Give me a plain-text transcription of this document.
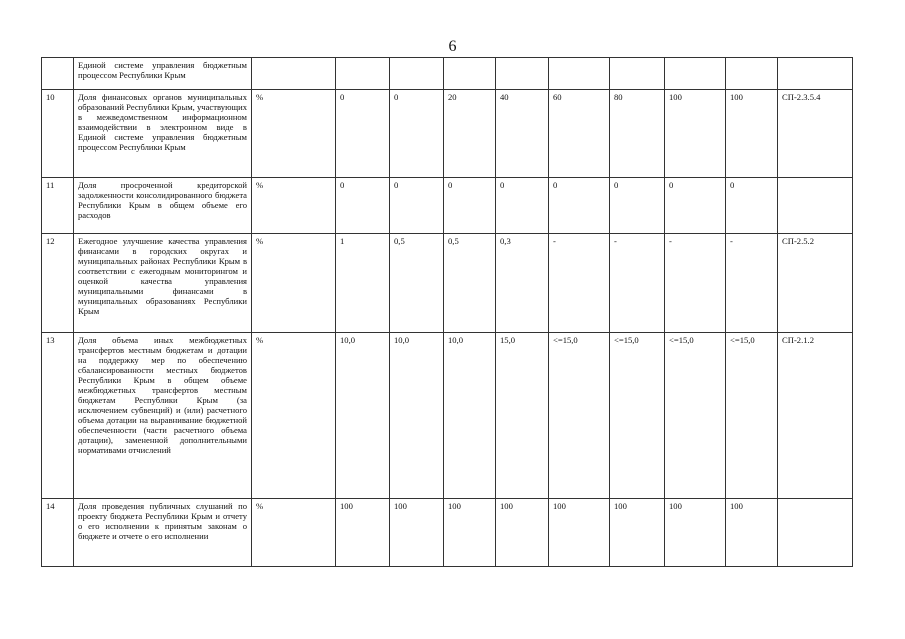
6
	Единой системе управления бюджетным процессом Республики Крым										
10	Доля финансовых органов муниципальных образований Республики Крым, участвующих в межведомственном информационном взаимодействии в электронном виде в Единой системе управления бюджетным процессом Республики Крым	%	0	0	20	40	60	80	100	100	СП-2.3.5.4
11	Доля просроченной кредиторской задолженности консолидированного бюджета Республики Крым в общем объеме его расходов	%	0	0	0	0	0	0	0	0	
12	Ежегодное улучшение качества управления финансами в городских округах и муниципальных районах Республики Крым в соответствии с ежегодным мониторингом и оценкой качества управления муниципальными финансами в муниципальных образованиях Республики Крым	%	1	0,5	0,5	0,3	-	-	-	-	СП-2.5.2
13	Доля объема иных межбюджетных трансфертов местным бюджетам и дотации на поддержку мер по обеспечению сбалансированности местных бюджетов Республики Крым в общем объеме межбюджетных трансфертов местным бюджетам Республики Крым (за исключением субвенций) и (или) расчетного объема дотации на выравнивание бюджетной обеспеченности (части расчетного объема дотации), замененной дополнительными нормативами отчислений	%	10,0	10,0	10,0	15,0	<=15,0	<=15,0	<=15,0	<=15,0	СП-2.1.2
14	Доля проведения публичных слушаний по проекту бюджета Республики Крым и отчету о его исполнении к принятым законам о бюджете и отчете о его исполнении	%	100	100	100	100	100	100	100	100	
